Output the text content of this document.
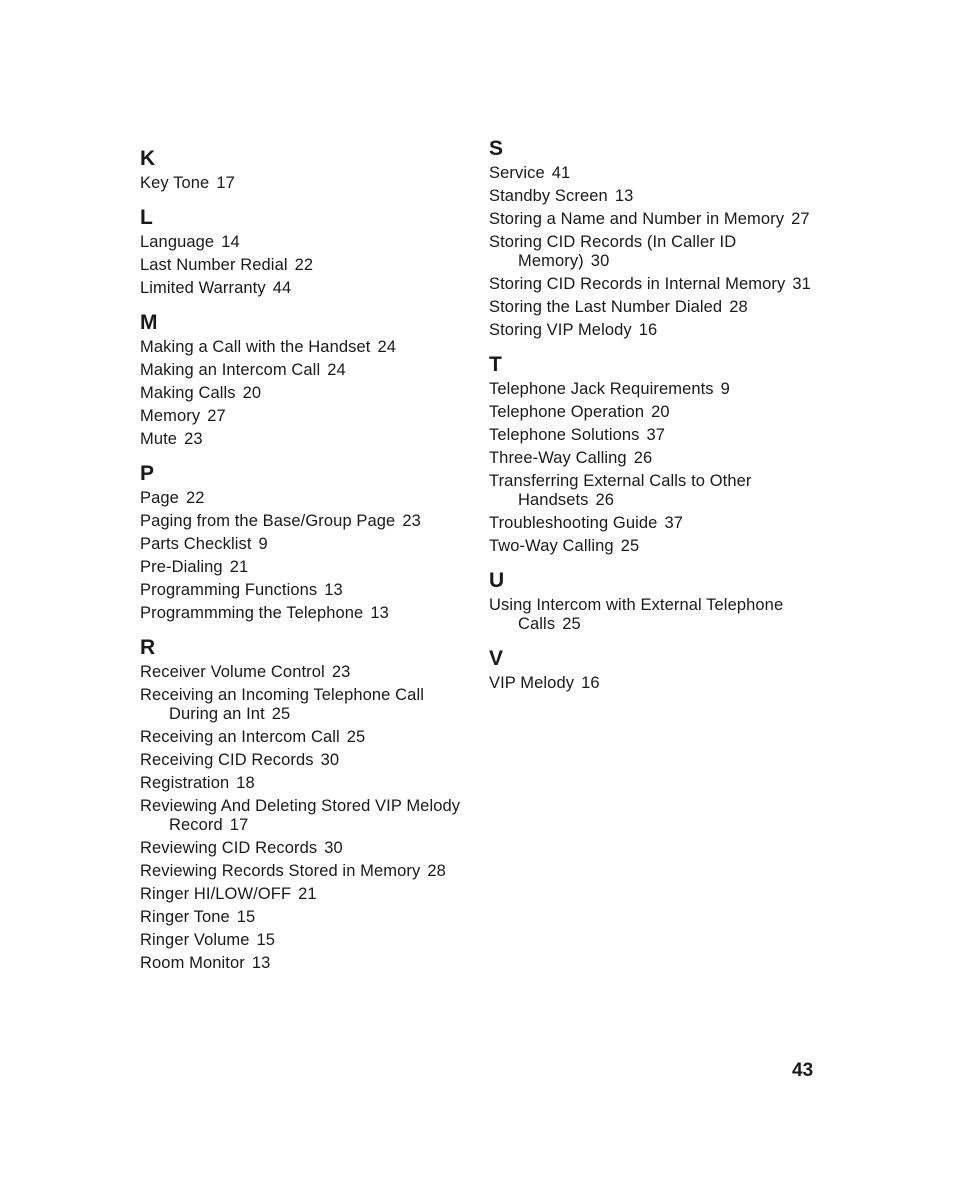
K
Key Tone 17
L
Language 14
Last Number Redial 22
Limited Warranty 44
M
Making a Call with the Handset 24
Making an Intercom Call 24
Making Calls 20
Memory 27
Mute 23
P
Page 22
Paging from the Base/Group Page 23
Parts Checklist 9
Pre-Dialing 21
Programming Functions 13
Programmming the Telephone 13
R
Receiver Volume Control 23
Receiving an Incoming Telephone Call During an Int 25
Receiving an Intercom Call 25
Receiving CID Records 30
Registration 18
Reviewing And Deleting Stored VIP Melody Record 17
Reviewing CID Records 30
Reviewing Records Stored in Memory 28
Ringer HI/LOW/OFF 21
Ringer Tone 15
Ringer Volume 15
Room Monitor 13
S
Service 41
Standby Screen 13
Storing a Name and Number in Memory 27
Storing CID Records (In Caller ID Memory) 30
Storing CID Records in Internal Memory 31
Storing the Last Number Dialed 28
Storing VIP Melody 16
T
Telephone Jack Requirements 9
Telephone Operation 20
Telephone Solutions 37
Three-Way Calling 26
Transferring External Calls to Other Handsets 26
Troubleshooting Guide 37
Two-Way Calling 25
U
Using Intercom with External Telephone Calls 25
V
VIP Melody 16
43
